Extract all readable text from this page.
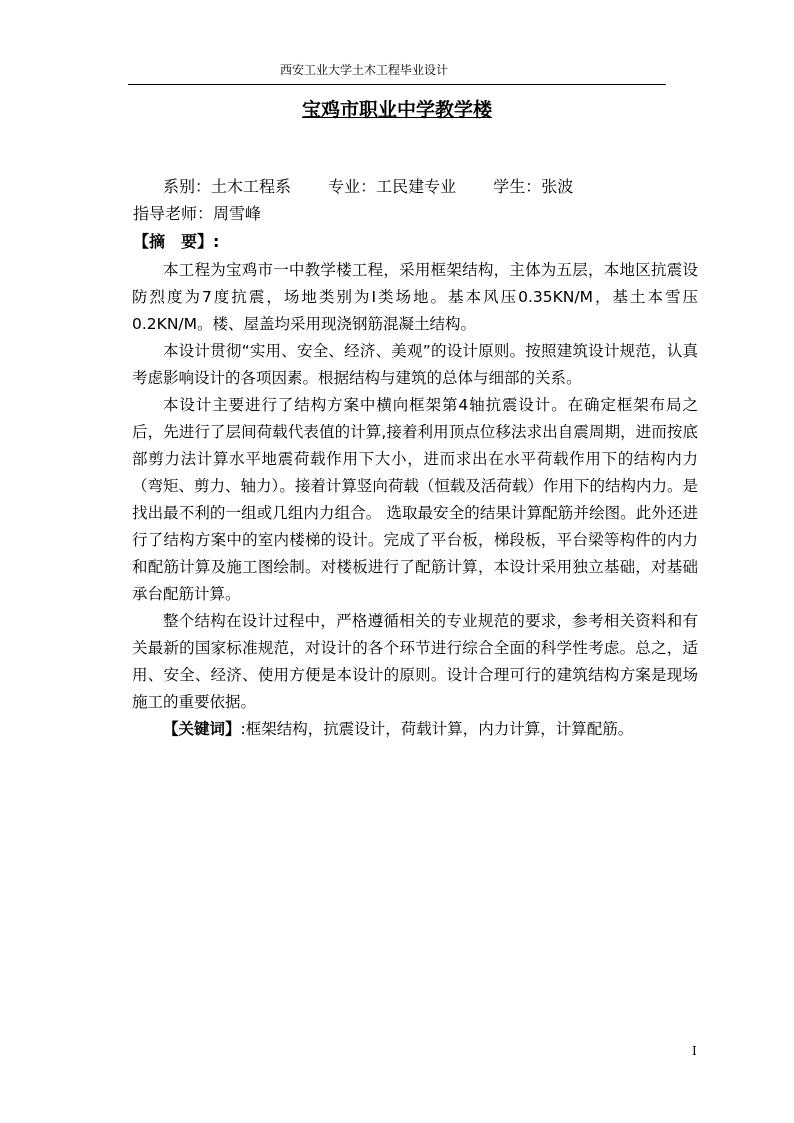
西安工业大学土木工程毕业设计
宝鸡市职业中学教学楼
系别：土木工程系 专业：工民建专业 学生：张波
指导老师：周雪峰
【摘　要】:

本工程为宝鸡市一中教学楼工程，采用框架结构，主体为五层，本地区抗震设防烈度为7度抗震，场地类别为I类场地。基本风压0.35KN/M，基土本雪压0.2KN/M。楼、屋盖均采用现浇钢筋混凝土结构。

本设计贯彻“实用、安全、经济、美观”的设计原则。按照建筑设计规范，认真考虑影响设计的各项因素。根据结构与建筑的总体与细部的关系。

本设计主要进行了结构方案中横向框架第4轴抗震设计。在确定框架布局之后，先进行了层间荷载代表值的计算,接着利用顶点位移法求出自震周期，进而按底部剪力法计算水平地震荷载作用下大小，进而求出在水平荷载作用下的结构内力（弯矩、剪力、轴力）。接着计算竖向荷载（恒载及活荷载）作用下的结构内力。是找出最不利的一组或几组内力组合。 选取最安全的结果计算配筋并绘图。此外还进行了结构方案中的室内楼梯的设计。完成了平台板，梯段板，平台梁等构件的内力和配筋计算及施工图绘制。对楼板进行了配筋计算，本设计采用独立基础，对基础承台配筋计算。

整个结构在设计过程中，严格遵循相关的专业规范的要求，参考相关资料和有关最新的国家标准规范，对设计的各个环节进行综合全面的科学性考虑。总之，适用、安全、经济、使用方便是本设计的原则。设计合理可行的建筑结构方案是现场施工的重要依据。

【关键词】:框架结构，抗震设计，荷载计算，内力计算，计算配筋。

I
